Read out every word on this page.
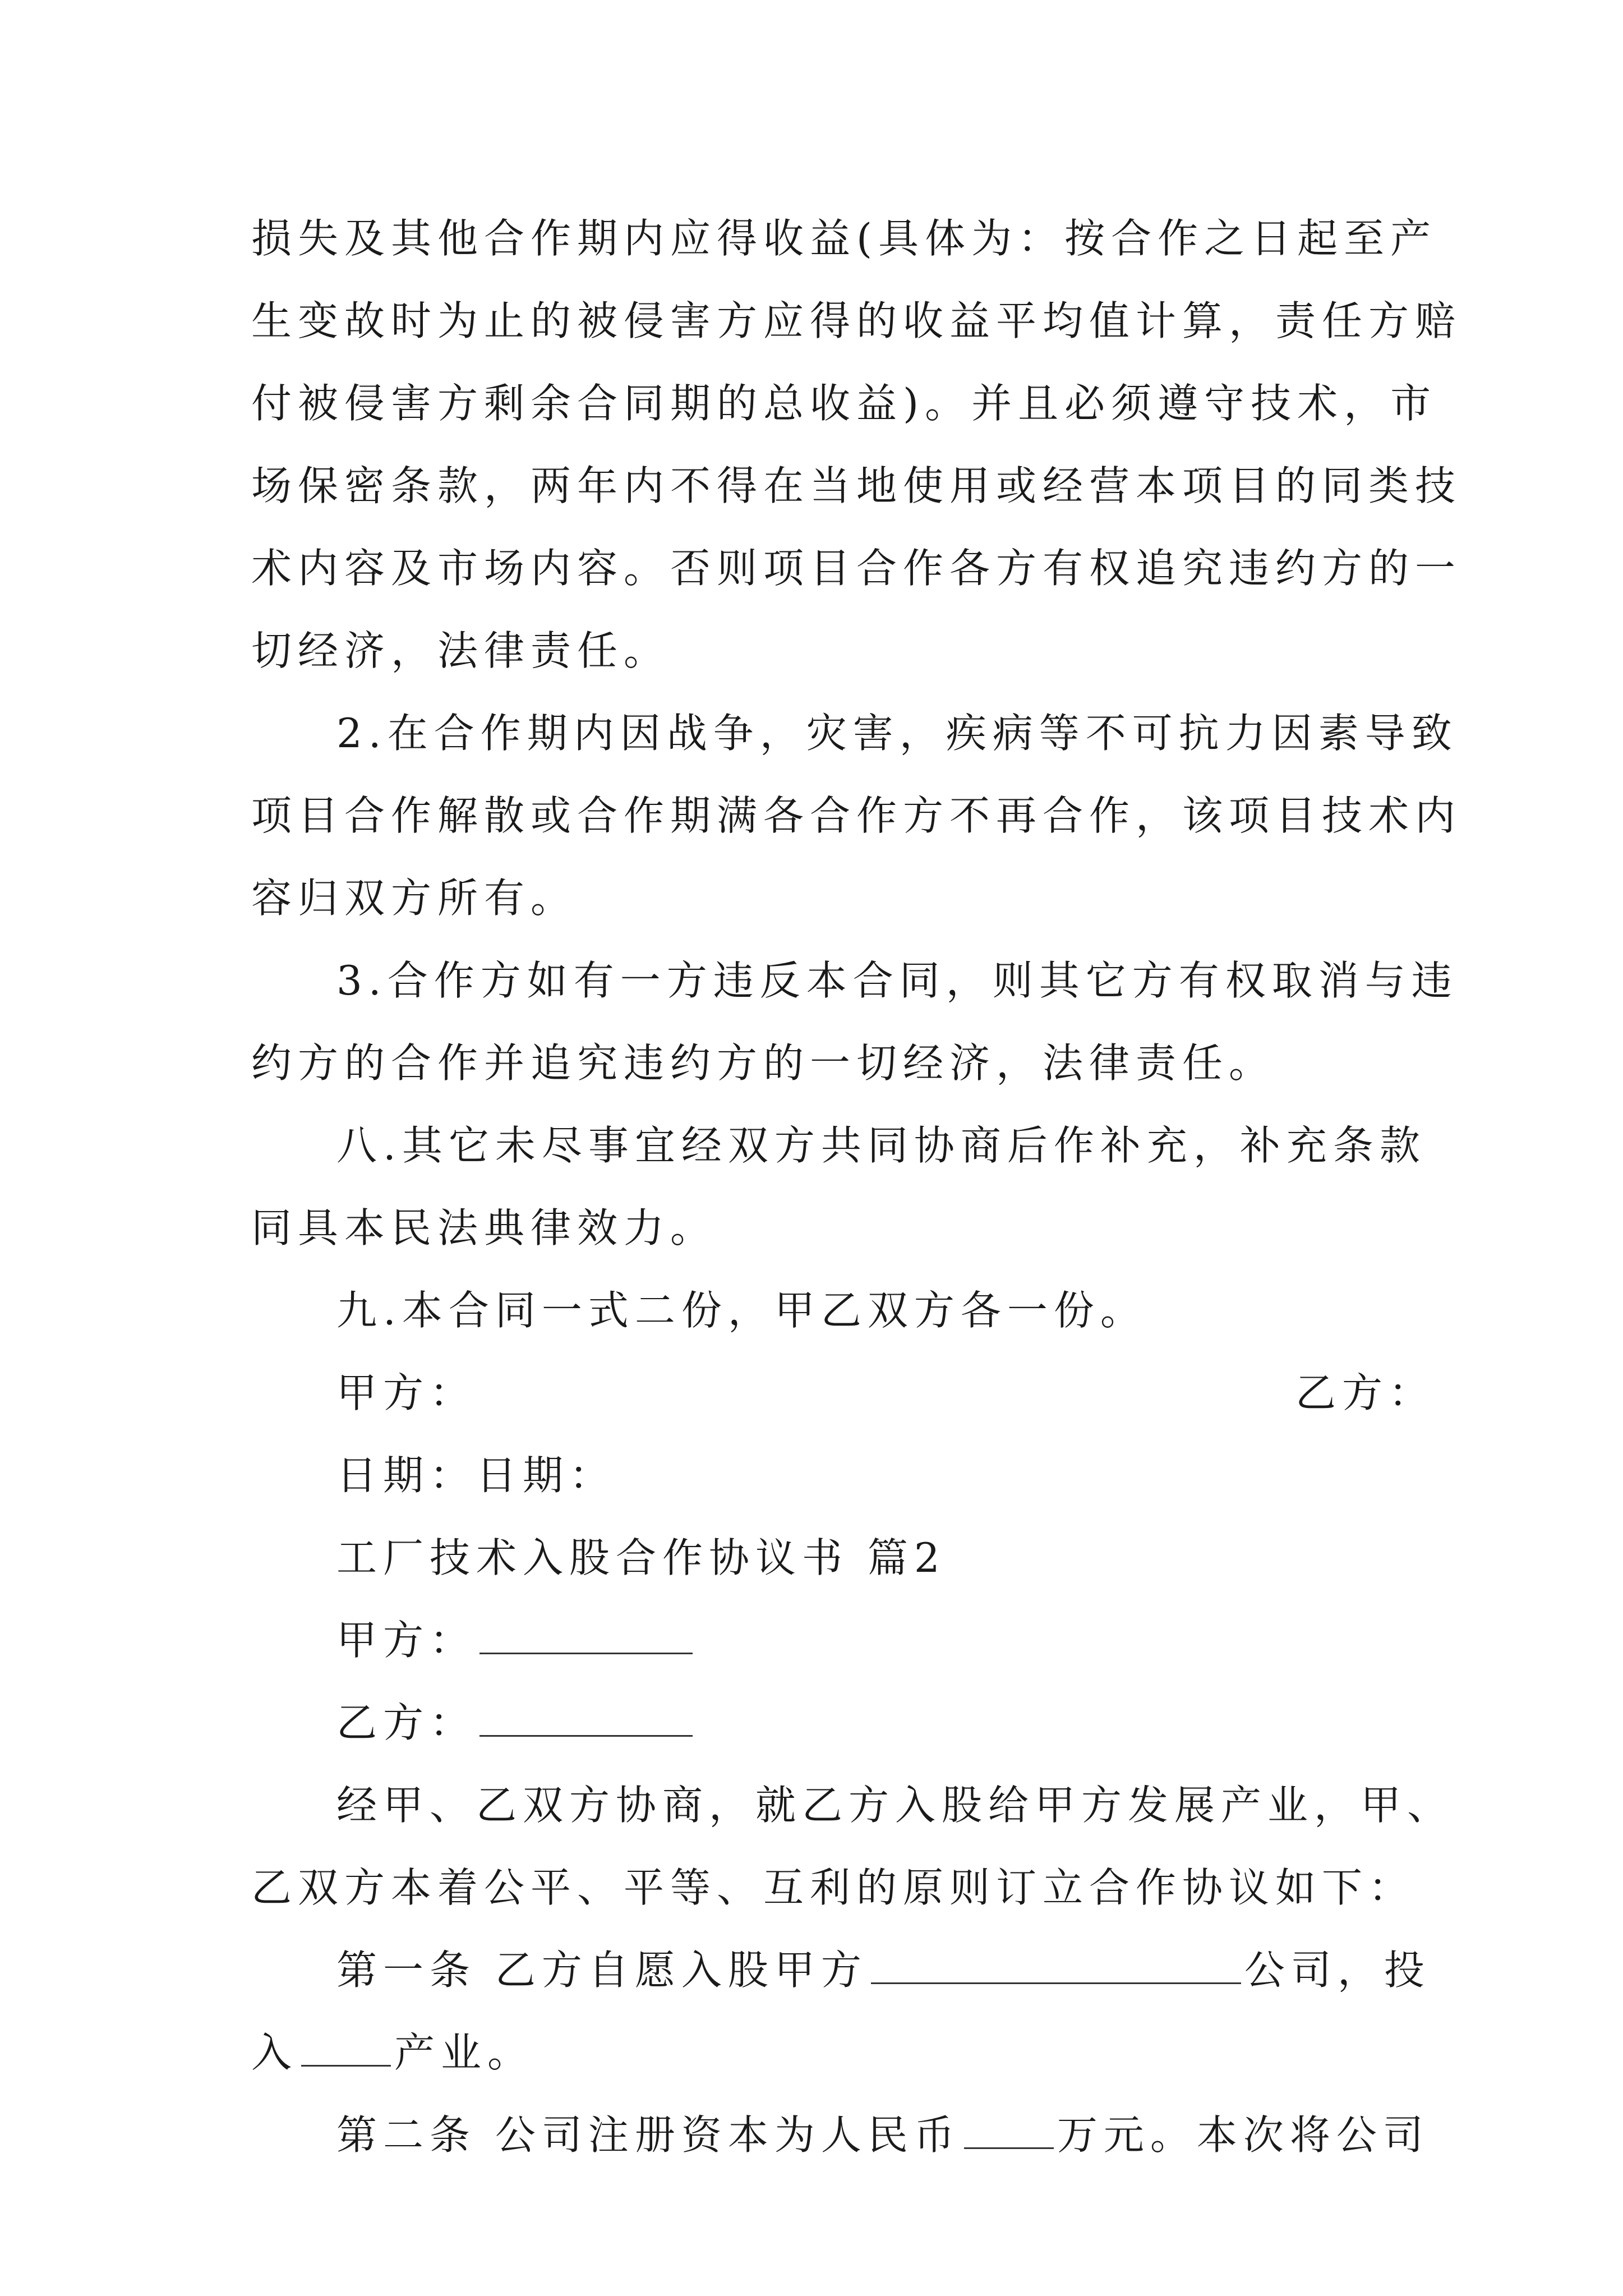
损失及其他合作期内应得收益(具体为：按合作之日起至产
生变故时为止的被侵害方应得的收益平均值计算，责任方赔
付被侵害方剩余合同期的总收益)。并且必须遵守技术，市
场保密条款，两年内不得在当地使用或经营本项目的同类技
术内容及市场内容。否则项目合作各方有权追究违约方的一
切经济，法律责任。
2.在合作期内因战争，灾害，疾病等不可抗力因素导致
项目合作解散或合作期满各合作方不再合作，该项目技术内
容归双方所有。
3.合作方如有一方违反本合同，则其它方有权取消与违
约方的合作并追究违约方的一切经济，法律责任。
八.其它未尽事宜经双方共同协商后作补充，补充条款
同具本民法典律效力。
九.本合同一式二份，甲乙双方各一份。
甲方：	乙方：
日期：日期：
工厂技术入股合作协议书 篇2
甲方：
乙方：
经甲、乙双方协商，就乙方入股给甲方发展产业，甲、
乙双方本着公平、平等、互利的原则订立合作协议如下：
第一条 乙方自愿入股甲方	公司，投
入 产业。
第二条 公司注册资本为人民币 万元。本次将公司
